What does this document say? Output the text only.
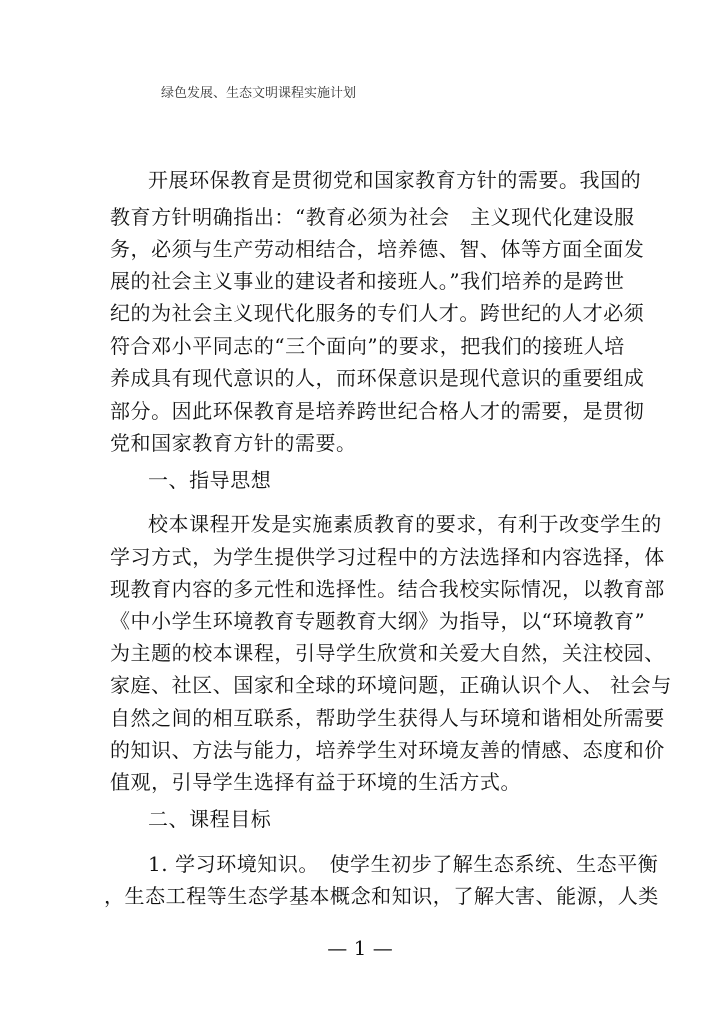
绿色发展、生态文明课程实施计划
开展环保教育是贯彻党和国家教育方针的需要。我国的
教育方针明确指出：“教育必须为社会　主义现代化建设服
务，必须与生产劳动相结合，培养德、智、体等方面全面发
展的社会主义事业的建设者和接班人。”我们培养的是跨世
纪的为社会主义现代化服务的专们人才。跨世纪的人才必须
符合邓小平同志的“三个面向”的要求，把我们的接班人培
养成具有现代意识的人，而环保意识是现代意识的重要组成
部分。因此环保教育是培养跨世纪合格人才的需要，是贯彻
党和国家教育方针的需要。
一、指导思想
校本课程开发是实施素质教育的要求，有利于改变学生的
学习方式，为学生提供学习过程中的方法选择和内容选择，体
现教育内容的多元性和选择性。结合我校实际情况，以教育部
《中小学生环境教育专题教育大纲》为指导，以“环境教育”
为主题的校本课程，引导学生欣赏和关爱大自然，关注校园、
家庭、社区、国家和全球的环境问题，正确认识个人、 社会与
自然之间的相互联系，帮助学生获得人与环境和谐相处所需要
的知识、方法与能力，培养学生对环境友善的情感、态度和价
值观，引导学生选择有益于环境的生活方式。
二、课程目标
1. 学习环境知识。　使学生初步了解生态系统、生态平衡
，生态工程等生态学基本概念和知识，了解大害、能源，人类
— 1 —
